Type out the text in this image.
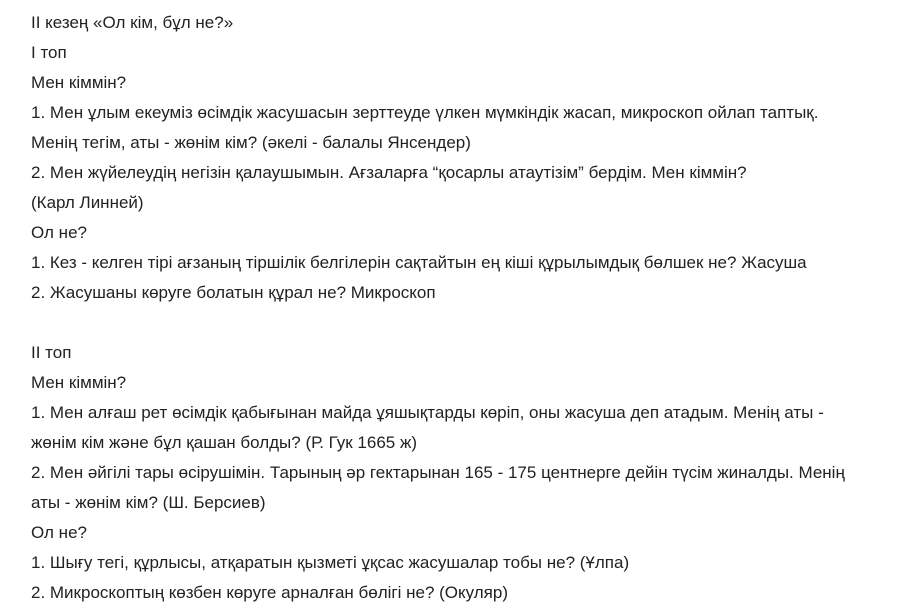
II кезең «Ол кім, бұл не?»
I топ
Мен кіммін?
1. Мен ұлым екеуміз өсімдік жасушасын зерттеуде үлкен мүмкіндік жасап, микроскоп ойлап таптық.
Менің тегім, аты - жөнім кім? (әкелі - балалы Янсендер)
2. Мен жүйелеудің негізін қалаушымын. Ағзаларға “қосарлы атаутізім” бердім. Мен кіммін?
(Карл Линней)
Ол не?
1. Кез - келген тірі ағзаның тіршілік белгілерін сақтайтын ең кіші құрылымдық бөлшек не? Жасуша
2. Жасушаны көруге болатын құрал не? Микроскоп
II топ
Мен кіммін?
1. Мен алғаш рет өсімдік қабығынан майда ұяшықтарды көріп, оны жасуша деп атадым. Менің аты -
жөнім кім және бұл қашан болды? (Р. Гук 1665 ж)
2. Мен әйгілі тары өсірушімін. Тарының әр гектарынан 165 - 175 центнерге дейін түсім жиналды. Менің
аты - жөнім кім? (Ш. Берсиев)
Ол не?
1. Шығу тегі, құрлысы, атқаратын қызметі ұқсас жасушалар тобы не? (Ұлпа)
2. Микроскоптың көзбен көруге арналған бөлігі не? (Окуляр)
